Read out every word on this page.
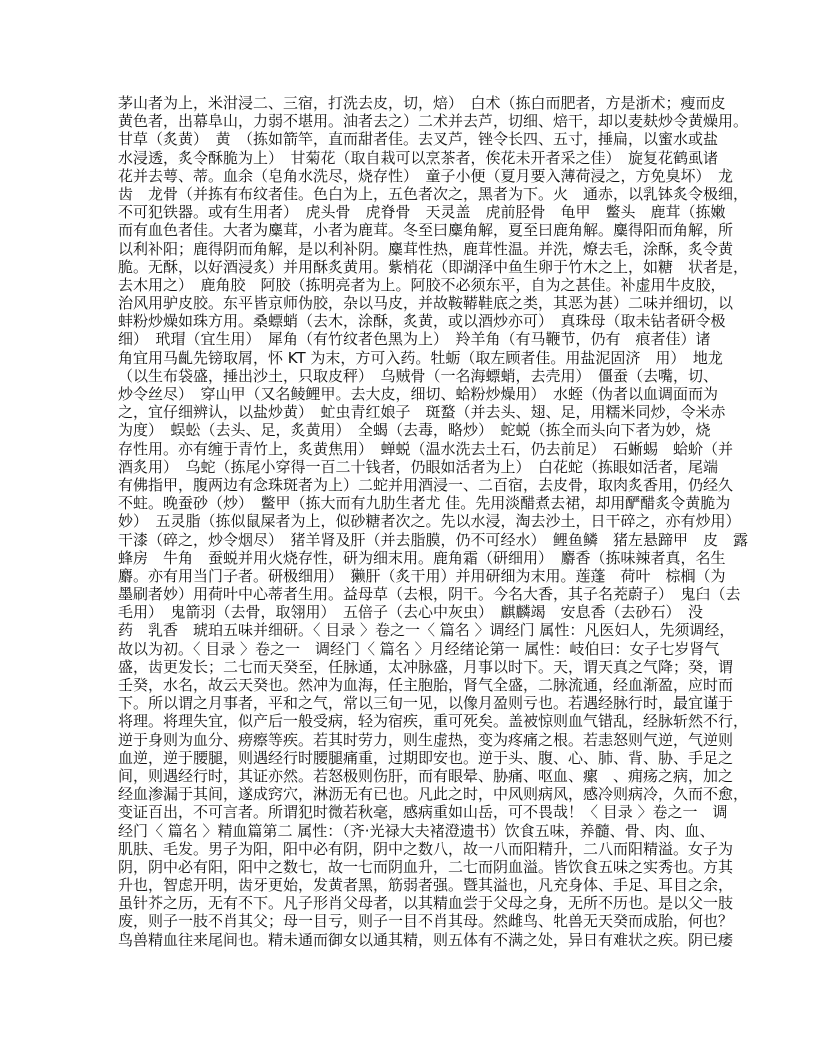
茅山者为上，米泔浸二、三宿，打洗去皮，切，焙）　白术（拣白而肥者，方是浙术；瘦而皮
黄色者，出幕阜山，力弱不堪用。油者去之）二术并去芦，切细、焙干，却以麦麸炒令黄燥用。
甘草（炙黄）　黄　（拣如箭竿，直而甜者佳。去叉芦，锉令长四、五寸，捶扁，以蜜水或盐
水浸透，炙令酥脆为上）　甘菊花（取自栽可以烹茶者，俟花未开者采之佳）　旋复花鹤虱诸
花并去萼、蒂。血余（皂角水洗尽，烧存性）　童子小便（夏月要入薄荷浸之，方免臭坏）　龙
齿　龙骨（并拣有布纹者佳。色白为上，五色者次之，黑者为下。火　通赤，以乳钵炙令极细，
不可犯铁器。或有生用者）　虎头骨　虎脊骨　天灵盖　虎前胫骨　龟甲　鳖头　鹿茸（拣嫩
而有血色者佳。大者为麋茸，小者为鹿茸。冬至曰麋角解，夏至曰鹿角解。麋得阳而角解，所
以利补阳；鹿得阴而角解，是以利补阴。麋茸性热，鹿茸性温。并洗，燎去毛，涂酥，炙令黄
脆。无酥，以好酒浸炙）并用酥炙黄用。紫梢花（即湖泽中鱼生卵于竹木之上，如糖　状者是，
去木用之）　鹿角胶　阿胶（拣明亮者为上。阿胶不必须东平，自为之甚佳。补虚用牛皮胶，
治风用驴皮胶。东平皆京师伪胶，杂以马皮，并故鞍鞯鞋底之类，其恶为甚）二味并细切，以
蚌粉炒燥如珠方用。桑螵蛸（去木，涂酥，炙黄，或以酒炒亦可）　真珠母（取未钻者研令极
细）　玳瑁（宜生用）　犀角（有竹纹者色黑为上）　羚羊角（有马鞭节，仍有　痕者佳）诸
角宜用马齓先镑取屑，怀 KT 为末，方可入药。牡蛎（取左顾者佳。用盐泥固济　用）　地龙
（以生布袋盛，捶出沙土，只取皮秤）　乌贼骨（一名海螵蛸，去壳用）　僵蚕（去嘴，切、
炒令丝尽）　穿山甲（又名鲮鲤甲。去大皮，细切、蛤粉炒燥用）　水蛭（伪者以血调面而为
之，宜仔细辨认，以盐炒黄）　虻虫青红娘子　斑蝥（并去头、翅、足，用糯米同炒，令米赤
为度）　蜈蚣（去头、足，炙黄用）　全蝎（去毒，略炒）　蛇蜕（拣全而头向下者为妙，烧
存性用。亦有缠于青竹上，炙黄焦用）　蝉蜕（温水洗去土石，仍去前足）　石蜥蜴　蛤蚧（并
酒炙用）　乌蛇（拣尾小穿得一百二十钱者，仍眼如活者为上）　白花蛇（拣眼如活者，尾端
有佛指甲，腹两边有念珠斑者为上）二蛇并用酒浸一、二百宿，去皮骨，取肉炙香用，仍经久
不蛀。晚蚕砂（炒）　鳖甲（拣大而有九肋生者尤 佳。先用淡醋煮去裙，却用酽醋炙令黄脆为
妙）　五灵脂（拣似鼠屎者为上，似砂糖者次之。先以水浸，淘去沙土，日干碎之，亦有炒用）
干漆（碎之，炒令烟尽）　猪羊肾及肝（并去脂膜，仍不可经水）　鲤鱼鳞　猪左悬蹄甲　皮　露
蜂房　牛角　蚕蜕并用火烧存性，研为细末用。鹿角霜（研细用）　麝香（拣味辣者真，名生
麝。亦有用当门子者。研极细用）　獭肝（炙干用）并用研细为末用。莲蓬　荷叶　棕榈（为
墨刷者妙）用荷叶中心蒂者生用。益母草（去根，阴干。今名大香，其子名茺蔚子）　鬼臼（去
毛用）　鬼箭羽（去骨，取翎用）　五倍子（去心中灰虫）　麒麟竭　安息香（去砂石）　没
药　乳香　琥珀五味并细研。〈 目录 〉卷之一〈 篇名 〉调经门 属性：凡医妇人，先须调经，
故以为初。〈 目录 〉卷之一　调经门〈 篇名 〉月经绪论第一 属性：岐伯曰：女子七岁肾气
盛，齿更发长；二七而天癸至，任脉通，太冲脉盛，月事以时下。天，谓天真之气降；癸，谓
壬癸，水名，故云天癸也。然冲为血海，任主胞胎，肾气全盛，二脉流通，经血渐盈，应时而
下。所以谓之月事者，平和之气，常以三旬一见，以像月盈则亏也。若遇经脉行时，最宜谨于
将理。将理失宜，似产后一般受病，轻为宿疾，重可死矣。盖被惊则血气错乱，经脉斩然不行，
逆于身则为血分、痨瘵等疾。若其时劳力，则生虚热，变为疼痛之根。若恚怒则气逆，气逆则
血逆，逆于腰腿，则遇经行时腰腿痛重，过期即安也。逆于头、腹、心、肺、背、胁、手足之
间，则遇经行时，其证亦然。若怒极则伤肝，而有眼晕、胁痛、呕血、瘰　、痈疡之病，加之
经血渗漏于其间，遂成窍穴，淋沥无有已也。凡此之时，中风则病风，感冷则病冷，久而不愈，
变证百出，不可言者。所谓犯时微若秋毫，感病重如山岳，可不畏哉！〈 目录 〉卷之一　调
经门〈 篇名 〉精血篇第二 属性：（齐·光禄大夫褚澄遗书）饮食五味，养髓、骨、肉、血、
肌肤、毛发。男子为阳，阳中必有阴，阴中之数八，故一八而阳精升，二八而阳精溢。女子为
阴，阴中必有阳，阳中之数七，故一七而阴血升，二七而阴血溢。皆饮食五味之实秀也。方其
升也，智虑开明，齿牙更始，发黄者黑，筋弱者强。暨其溢也，凡充身体、手足、耳目之余，
虽针芥之历，无有不下。凡子形肖父母者，以其精血尝于父母之身，无所不历也。是以父一肢
废，则子一肢不肖其父；母一目亏，则子一目不肖其母。然雌鸟、牝兽无天癸而成胎，何也？
鸟兽精血往来尾间也。精未通而御女以通其精，则五体有不满之处，异日有难状之疾。阴已痿
